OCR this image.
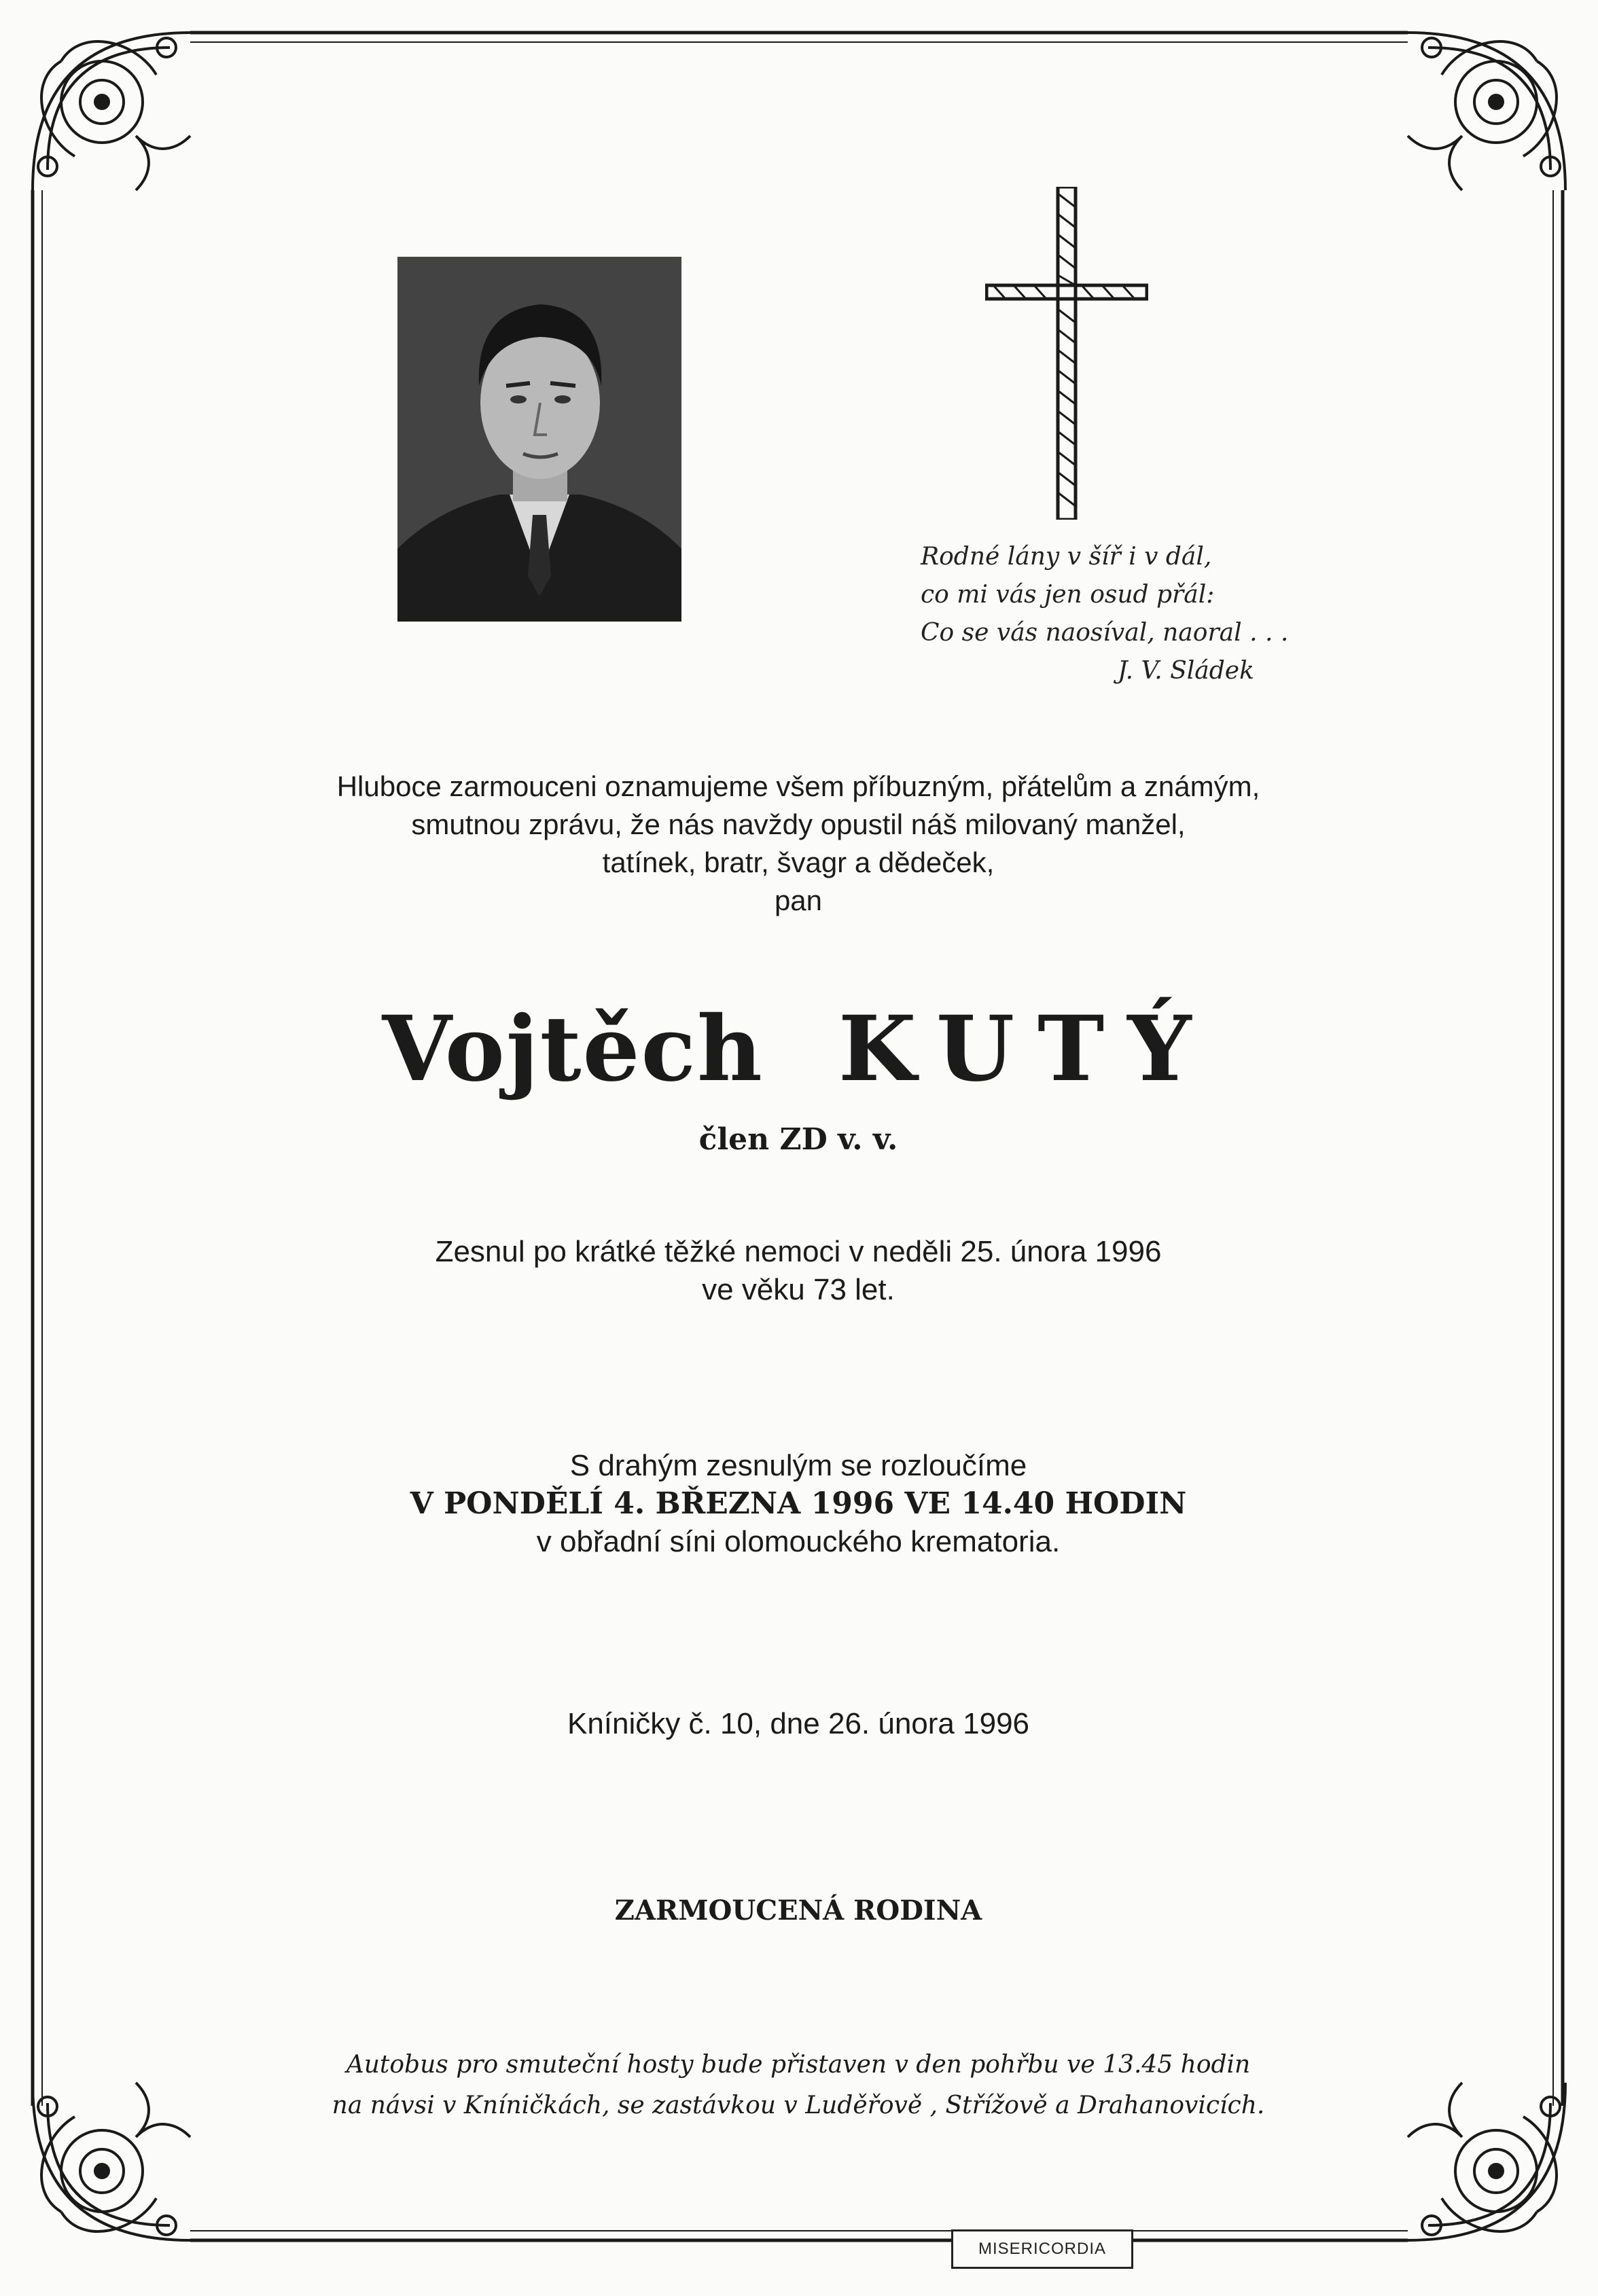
Rodné lány v šíř i v dál,
co mi vás jen osud přál:
Co se vás naosíval, naoral . . .
J. V. Sládek
Hluboce zarmouceni oznamujeme všem příbuzným, přátelům a známým,
smutnou zprávu, že nás navždy opustil náš milovaný manžel,
tatínek, bratr, švagr a dědeček,
pan
Vojtěch KUTÝ
člen ZD v. v.
Zesnul po krátké těžké nemoci v neděli 25. února 1996
ve věku 73 let.
S drahým zesnulým se rozloučíme
V PONDĚLÍ 4. BŘEZNA 1996 VE 14.40 HODIN
v obřadní síni olomouckého krematoria.
Kníničky č. 10, dne 26. února 1996
ZARMOUCENÁ RODINA
Autobus pro smuteční hosty bude přistaven v den pohřbu ve 13.45 hodin
na návsi v Kníničkách, se zastávkou v Luděřově , Střížově a Drahanovicích.
MISERICORDIA
